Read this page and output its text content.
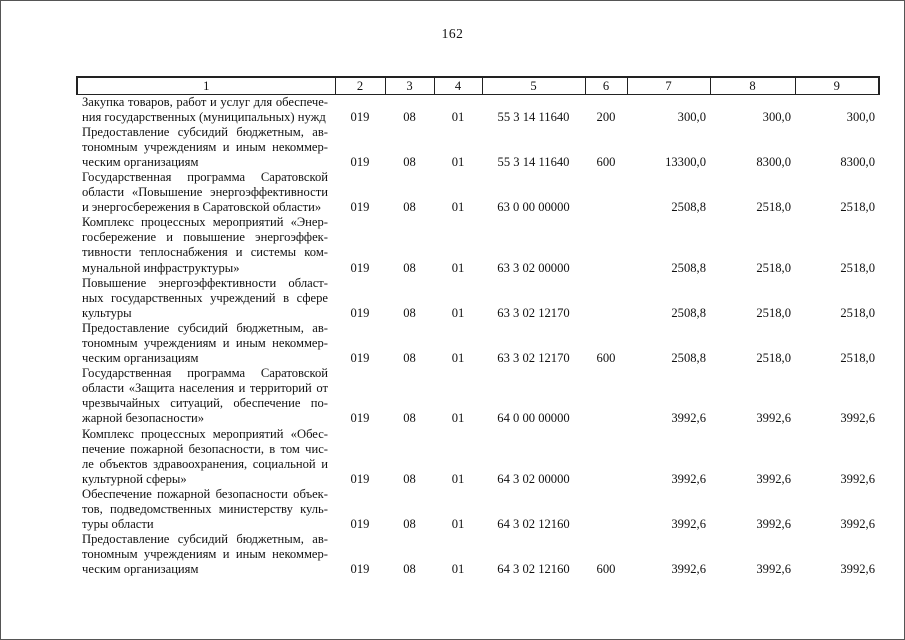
162
1	2	3	4	5	6	7	8	9

Закупка товаров, работ и услуг для обеспече-
ния государственных (муниципальных) нужд	019	08	01	55 3 14 11640	200	300,0	300,0	300,0

Предоставление субсидий бюджетным, ав-
тономным учреждениям и иным некоммер-
ческим организациям	019	08	01	55 3 14 11640	600	13300,0	8300,0	8300,0

Государственная программа Саратовской
области «Повышение энергоэффективности
и энергосбережения в Саратовской области»	019	08	01	63 0 00 00000		2508,8	2518,0	2518,0

Комплекс процессных мероприятий «Энер-
госбережение и повышение энергоэффек-
тивности теплоснабжения и системы ком-
мунальной инфраструктуры»	019	08	01	63 3 02 00000		2508,8	2518,0	2518,0

Повышение энергоэффективности област-
ных государственных учреждений в сфере
культуры	019	08	01	63 3 02 12170		2508,8	2518,0	2518,0

Предоставление субсидий бюджетным, ав-
тономным учреждениям и иным некоммер-
ческим организациям	019	08	01	63 3 02 12170	600	2508,8	2518,0	2518,0

Государственная программа Саратовской
области «Защита населения и территорий от
чрезвычайных ситуаций, обеспечение по-
жарной безопасности»	019	08	01	64 0 00 00000		3992,6	3992,6	3992,6

Комплекс процессных мероприятий «Обес-
печение пожарной безопасности, в том чис-
ле объектов здравоохранения, социальной и
культурной сферы»	019	08	01	64 3 02 00000		3992,6	3992,6	3992,6

Обеспечение пожарной безопасности объек-
тов, подведомственных министерству куль-
туры области	019	08	01	64 3 02 12160		3992,6	3992,6	3992,6

Предоставление субсидий бюджетным, ав-
тономным учреждениям и иным некоммер-
ческим организациям	019	08	01	64 3 02 12160	600	3992,6	3992,6	3992,6
